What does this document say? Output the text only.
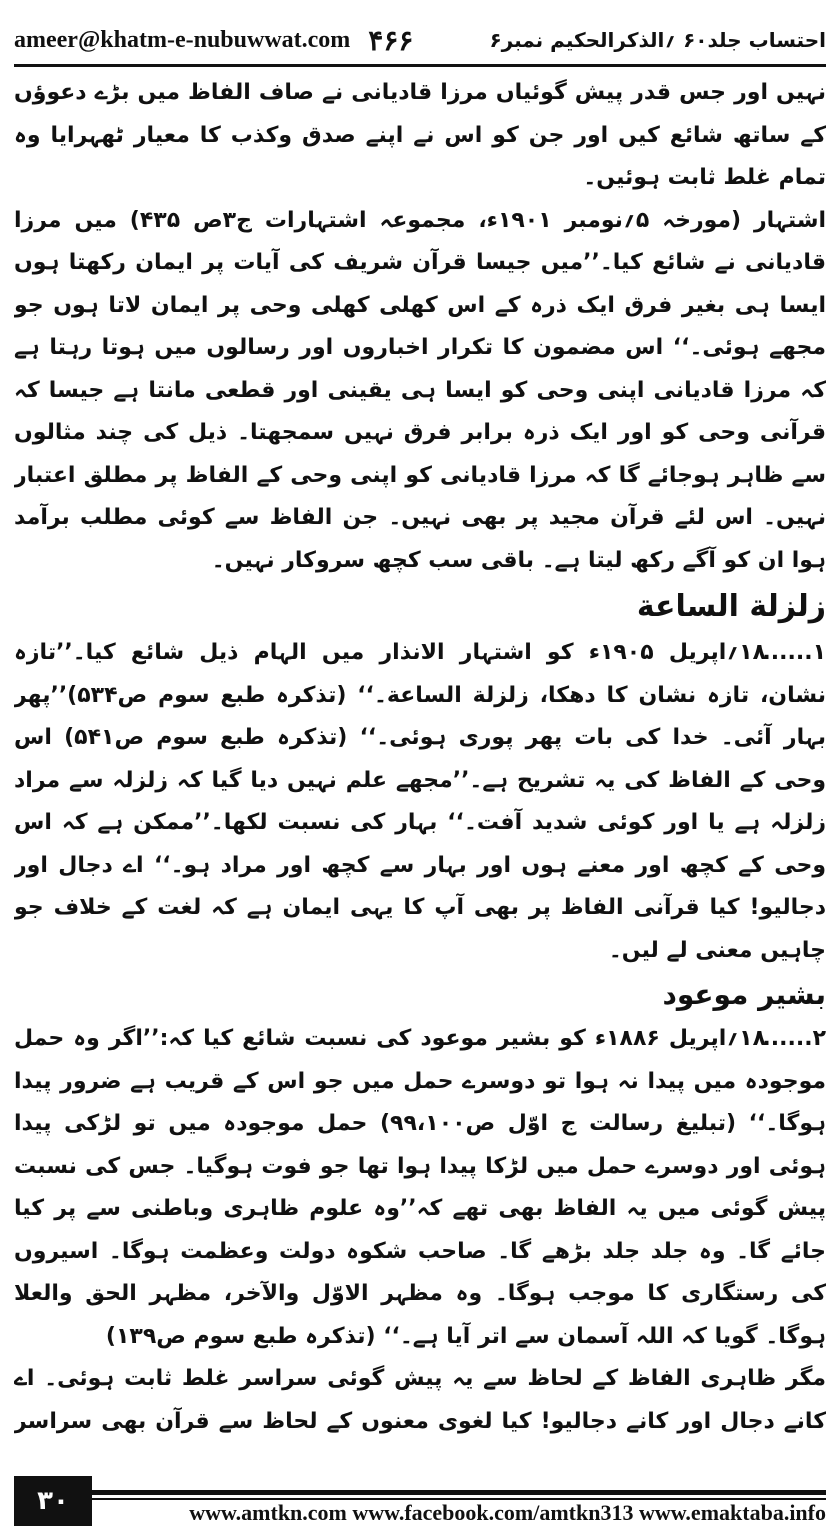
ameer@khatm-e-nubuwwat.com ۴۶۶	احتساب جلد۶۰ ؍الذکرالحکیم نمبر۶

نہیں اور جس قدر پیش گوئیاں مرزا قادیانی نے صاف الفاظ میں بڑے دعوؤں کے ساتھ شائع کیں اور جن کو اس نے اپنے صدق وکذب کا معیار ٹھہرایا وہ تمام غلط ثابت ہوئیں۔

اشتہار (مورخہ ۵؍نومبر ۱۹۰۱ء، مجموعہ اشتہارات ج۳ص ۴۳۵) میں مرزا قادیانی نے شائع کیا۔’’میں جیسا قرآن شریف کی آیات پر ایمان رکھتا ہوں ایسا ہی بغیر فرق ایک ذرہ کے اس کھلی کھلی وحی پر ایمان لاتا ہوں جو مجھے ہوئی۔‘‘ اس مضمون کا تکرار اخباروں اور رسالوں میں ہوتا رہتا ہے کہ مرزا قادیانی اپنی وحی کو ایسا ہی یقینی اور قطعی مانتا ہے جیسا کہ قرآنی وحی کو اور ایک ذرہ برابر فرق نہیں سمجھتا۔ ذیل کی چند مثالوں سے ظاہر ہوجائے گا کہ مرزا قادیانی کو اپنی وحی کے الفاظ پر مطلق اعتبار نہیں۔ اس لئے قرآن مجید پر بھی نہیں۔ جن الفاظ سے کوئی مطلب برآمد ہوا ان کو آگے رکھ لیتا ہے۔ باقی سب کچھ سروکار نہیں۔

زلزلة الساعة

۱......۱۸؍اپریل ۱۹۰۵ء کو اشتہار الانذار میں الہام ذیل شائع کیا۔’’تازہ نشان، تازہ نشان کا دھکا، زلزلة الساعة۔‘‘ (تذکرہ طبع سوم ص۵۳۴)’’پھر بہار آئی۔ خدا کی بات پھر پوری ہوئی۔‘‘ (تذکرہ طبع سوم ص۵۴۱) اس وحی کے الفاظ کی یہ تشریح ہے۔’’مجھے علم نہیں دیا گیا کہ زلزلہ سے مراد زلزلہ ہے یا اور کوئی شدید آفت۔‘‘ بہار کی نسبت لکھا۔’’ممکن ہے کہ اس وحی کے کچھ اور معنے ہوں اور بہار سے کچھ اور مراد ہو۔‘‘ اے دجال اور دجالیو! کیا قرآنی الفاظ پر بھی آپ کا یہی ایمان ہے کہ لغت کے خلاف جو چاہیں معنی لے لیں۔

بشیر موعود

۲......۱۸؍اپریل ۱۸۸۶ء کو بشیر موعود کی نسبت شائع کیا کہ:’’اگر وہ حمل موجودہ میں پیدا نہ ہوا تو دوسرے حمل میں جو اس کے قریب ہے ضرور پیدا ہوگا۔‘‘ (تبلیغ رسالت ج اوّل ص۹۹،۱۰۰) حمل موجودہ میں تو لڑکی پیدا ہوئی اور دوسرے حمل میں لڑکا پیدا ہوا تھا جو فوت ہوگیا۔ جس کی نسبت پیش گوئی میں یہ الفاظ بھی تھے کہ’’وہ علوم ظاہری وباطنی سے پر کیا جائے گا۔ وہ جلد جلد بڑھے گا۔ صاحب شکوہ دولت وعظمت ہوگا۔ اسیروں کی رستگاری کا موجب ہوگا۔ وہ مظہر الاوّل والآخر، مظہر الحق والعلا ہوگا۔ گویا کہ اللہ آسمان سے اتر آیا ہے۔‘‘ (تذکرہ طبع سوم ص۱۳۹)

مگر ظاہری الفاظ کے لحاظ سے یہ پیش گوئی سراسر غلط ثابت ہوئی۔ اے کانے دجال اور کانے دجالیو! کیا لغوی معنوں کے لحاظ سے قرآن بھی سراسر

۳۰	www.amtkn.com www.facebook.com/amtkn313 www.emaktaba.info
